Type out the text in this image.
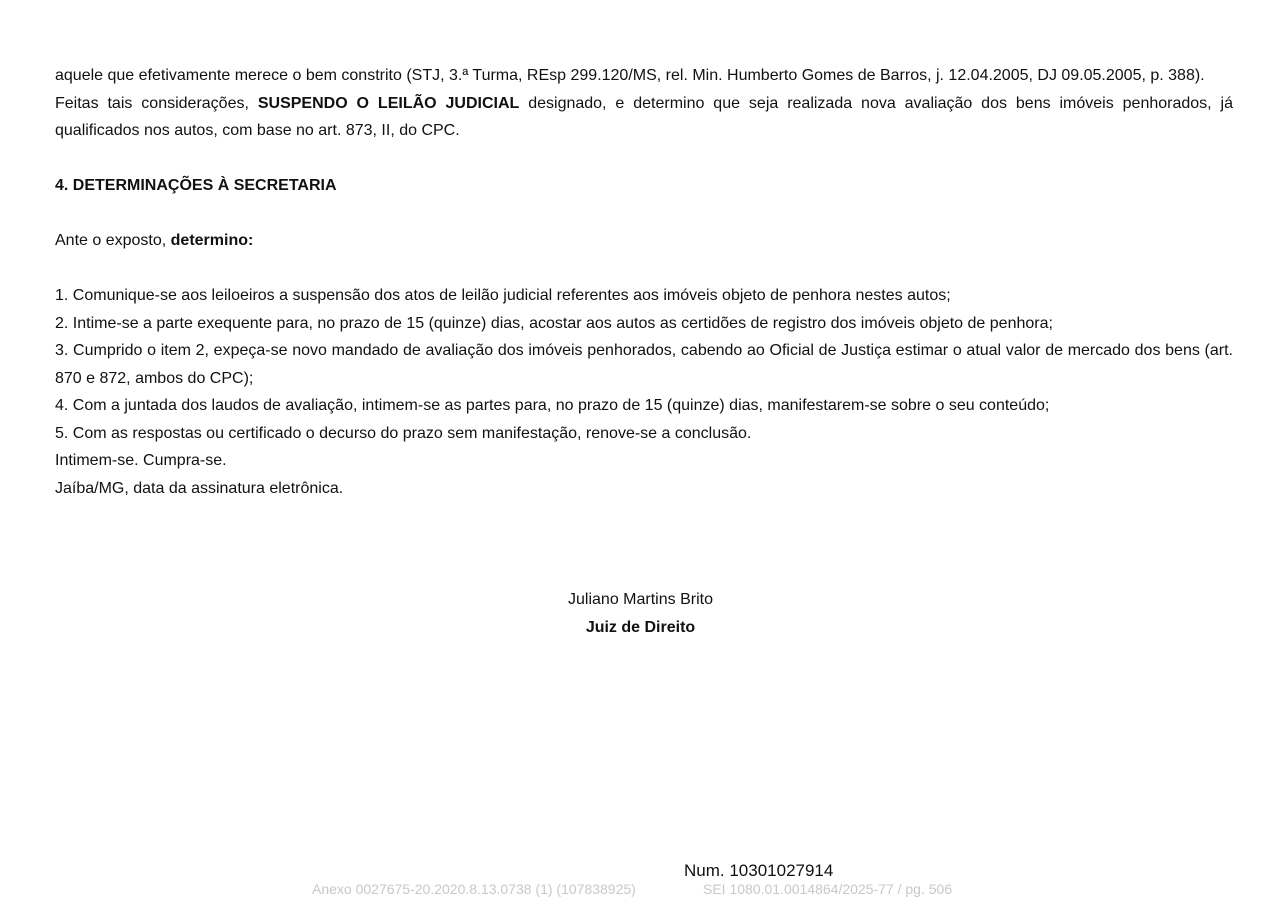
aquele que efetivamente merece o bem constrito (STJ, 3.ª Turma, REsp 299.120/MS, rel. Min. Humberto Gomes de Barros, j. 12.04.2005, DJ 09.05.2005, p. 388).

Feitas tais considerações, SUSPENDO O LEILÃO JUDICIAL designado, e determino que seja realizada nova avaliação dos bens imóveis penhorados, já qualificados nos autos, com base no art. 873, II, do CPC.

4. DETERMINAÇÕES À SECRETARIA

Ante o exposto, determino:

1. Comunique-se aos leiloeiros a suspensão dos atos de leilão judicial referentes aos imóveis objeto de penhora nestes autos;

2. Intime-se a parte exequente para, no prazo de 15 (quinze) dias, acostar aos autos as certidões de registro dos imóveis objeto de penhora;

3. Cumprido o item 2, expeça-se novo mandado de avaliação dos imóveis penhorados, cabendo ao Oficial de Justiça estimar o atual valor de mercado dos bens (art. 870 e 872, ambos do CPC);

4. Com a juntada dos laudos de avaliação, intimem-se as partes para, no prazo de 15 (quinze) dias, manifestarem-se sobre o seu conteúdo;

5. Com as respostas ou certificado o decurso do prazo sem manifestação, renove-se a conclusão.

Intimem-se. Cumpra-se.

Jaíba/MG, data da assinatura eletrônica.

Juliano Martins Brito
Juiz de Direito
Num. 10301027914
Anexo 0027675-20.2020.8.13.0738 (1) (107838925)	SEI 1080.01.0014864/2025-77 / pg. 506
